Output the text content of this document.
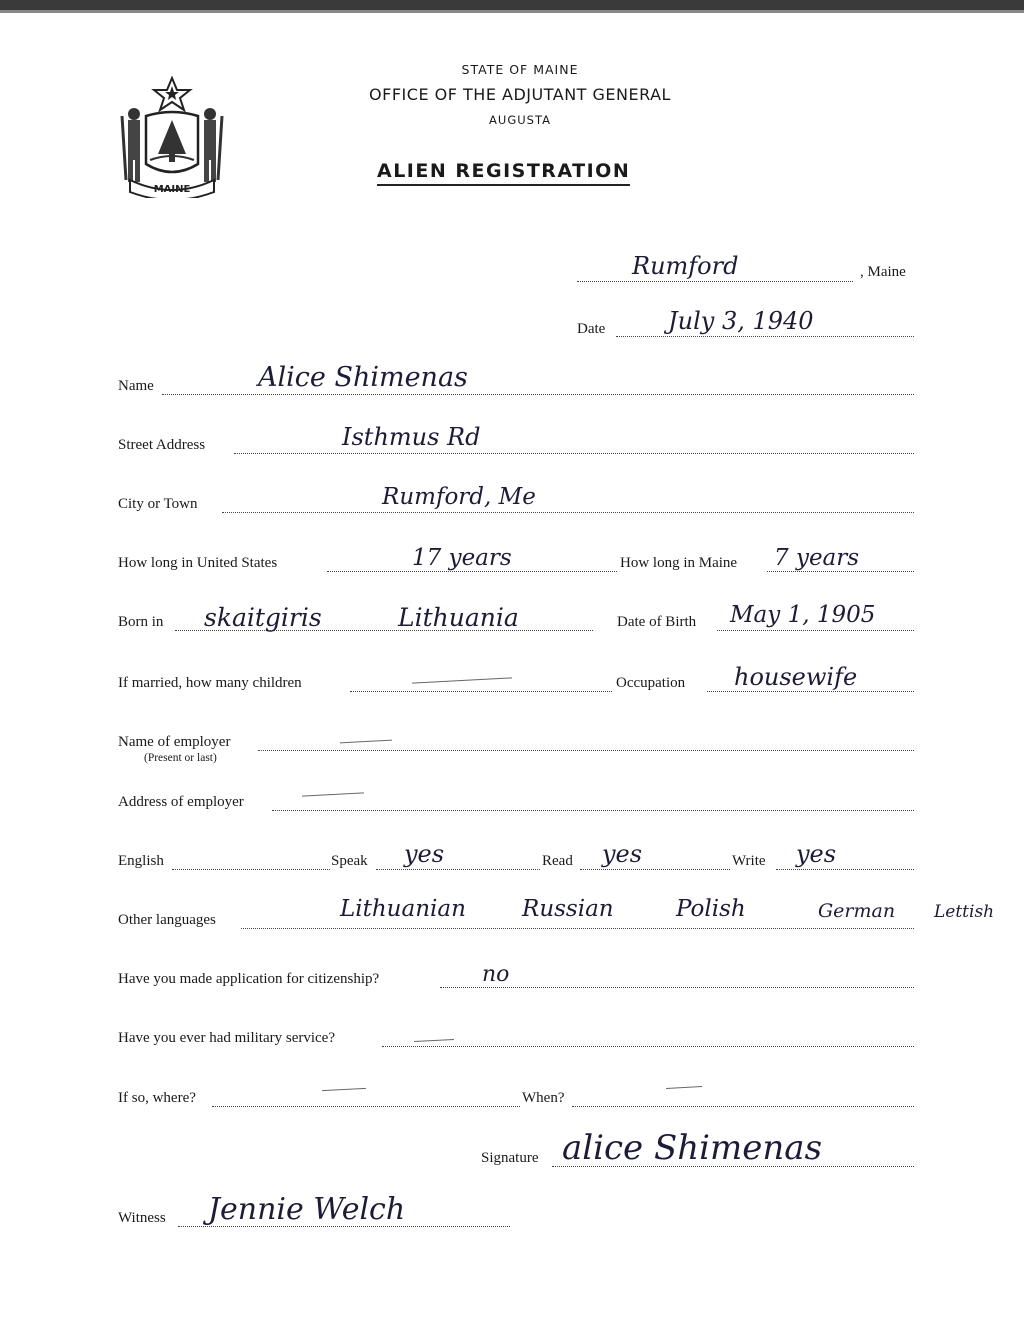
MAINE
STATE OF MAINE
OFFICE OF THE ADJUTANT GENERAL
AUGUSTA
ALIEN REGISTRATION
Rumford	, Maine
Date	July 3, 1940
Name	Alice Shimenas
Street Address	Isthmus Rd
City or Town	Rumford, Me
How long in United States	17 years	How long in Maine 7 years
Born in skaitgiris	Lithuania	Date of Birth May 1, 1905
If married, how many children	Occupation housewife
Name of employer
(Present or last)
Address of employer
English	Speak yes	Read yes	Write yes
Other languages	Lithuanian Russian	Polish	German Lettish
Have you made application for citizenship?	no
Have you ever had military service?
If so, where?	When?
Signature alice Shimenas
Witness Jennie Welch
